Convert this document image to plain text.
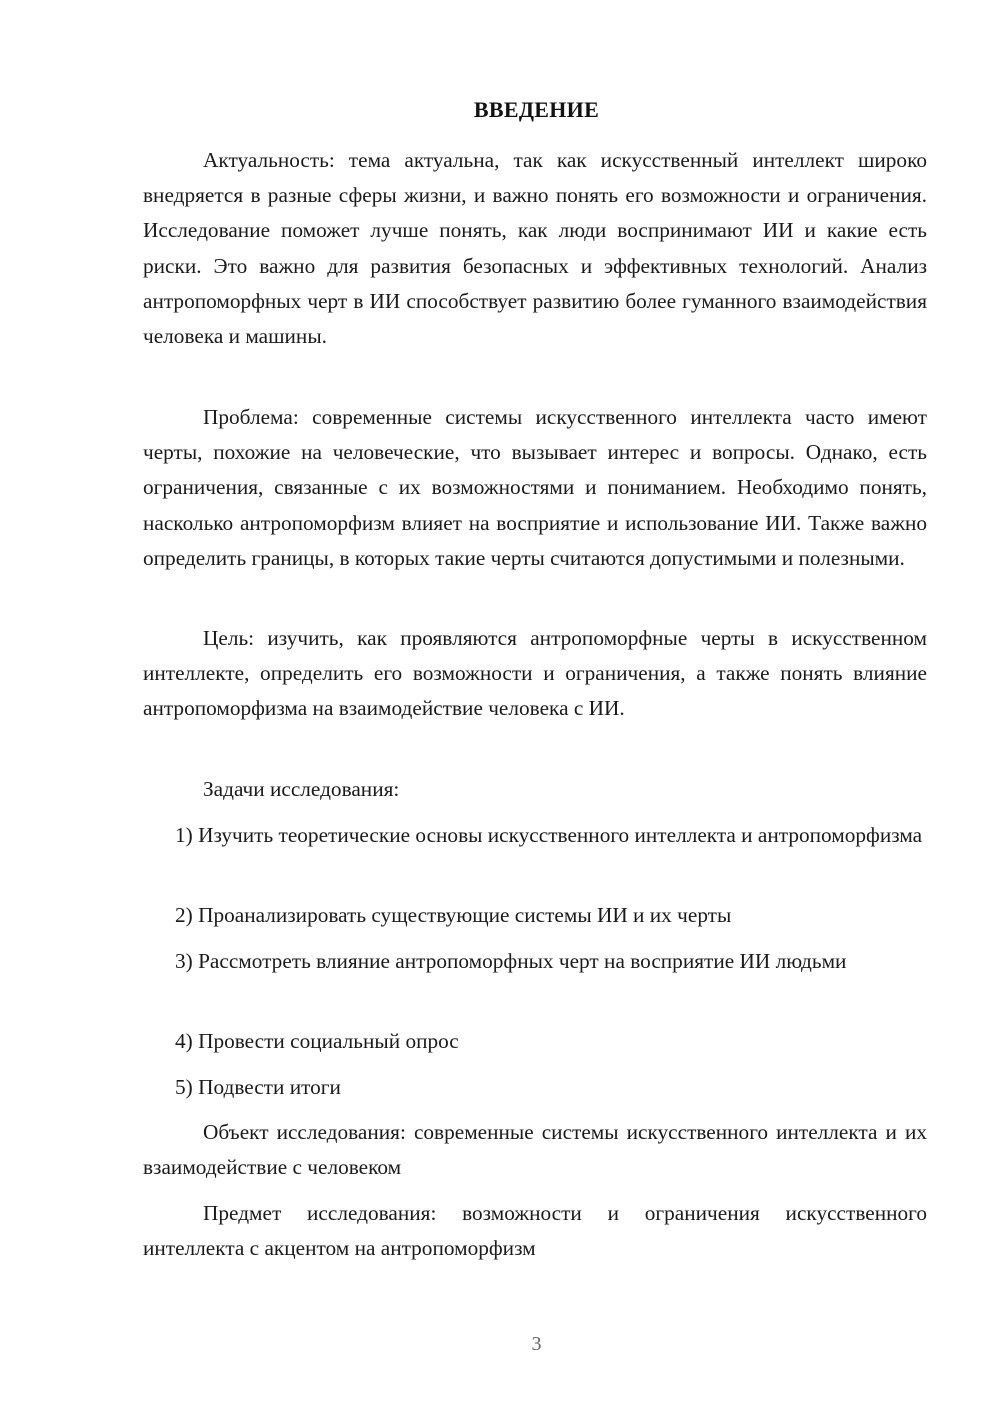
ВВЕДЕНИЕ

Актуальность: тема актуальна, так как искусственный интеллект широко внедряется в разные сферы жизни, и важно понять его возможности и ограничения. Исследование поможет лучше понять, как люди воспринимают ИИ и какие есть риски. Это важно для развития безопасных и эффективных технологий. Анализ антропоморфных черт в ИИ способствует развитию более гуманного взаимодействия человека и машины.

Проблема: современные системы искусственного интеллекта часто имеют черты, похожие на человеческие, что вызывает интерес и вопросы. Однако, есть ограничения, связанные с их возможностями и пониманием. Необходимо понять, насколько антропоморфизм влияет на восприятие и использование ИИ. Также важно определить границы, в которых такие черты считаются допустимыми и полезными.

Цель: изучить, как проявляются антропоморфные черты в искусственном интеллекте, определить его возможности и ограничения, а также понять влияние антропоморфизма на взаимодействие человека с ИИ.

Задачи исследования:

1) Изучить теоретические основы искусственного интеллекта и антропоморфизма

2) Проанализировать существующие системы ИИ и их черты

3) Рассмотреть влияние антропоморфных черт на восприятие ИИ людьми

4) Провести социальный опрос

5) Подвести итоги

Объект исследования: современные системы искусственного интеллекта и их взаимодействие с человеком

Предмет исследования: возможности и ограничения искусственного интеллекта с акцентом на антропоморфизм

3
